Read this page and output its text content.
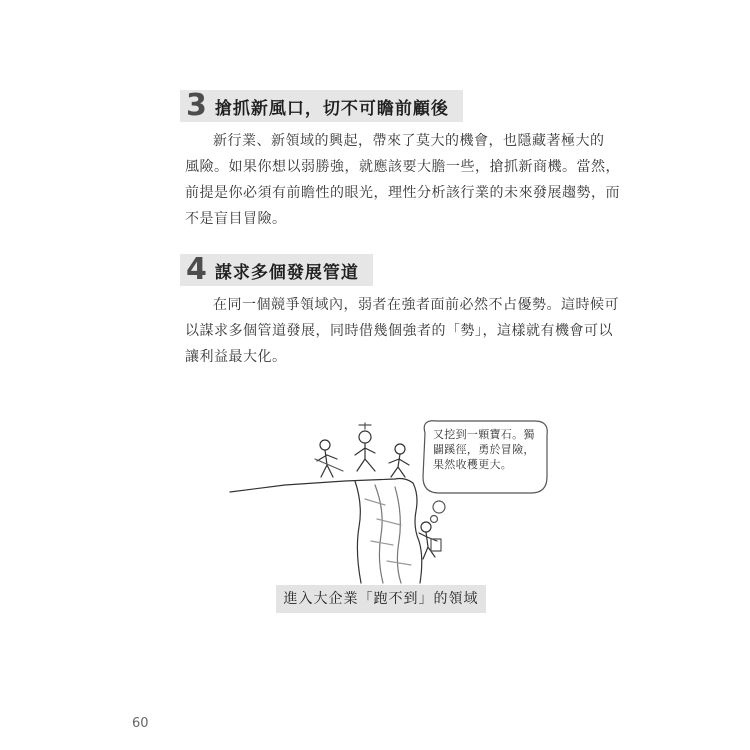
3 搶抓新風口，切不可瞻前顧後
新行業、新領域的興起，帶來了莫大的機會，也隱藏著極大的
風險。如果你想以弱勝強，就應該要大膽一些，搶抓新商機。當然，
前提是你必須有前瞻性的眼光，理性分析該行業的未來發展趨勢，而
不是盲目冒險。
4 謀求多個發展管道
在同一個競爭領域內，弱者在強者面前必然不占優勢。這時候可
以謀求多個管道發展，同時借幾個強者的「勢」，這樣就有機會可以
讓利益最大化。
又挖到一顆寶石。獨
闢蹊徑，勇於冒險，
果然收穫更大。
進入大企業「跑不到」的領域
60
